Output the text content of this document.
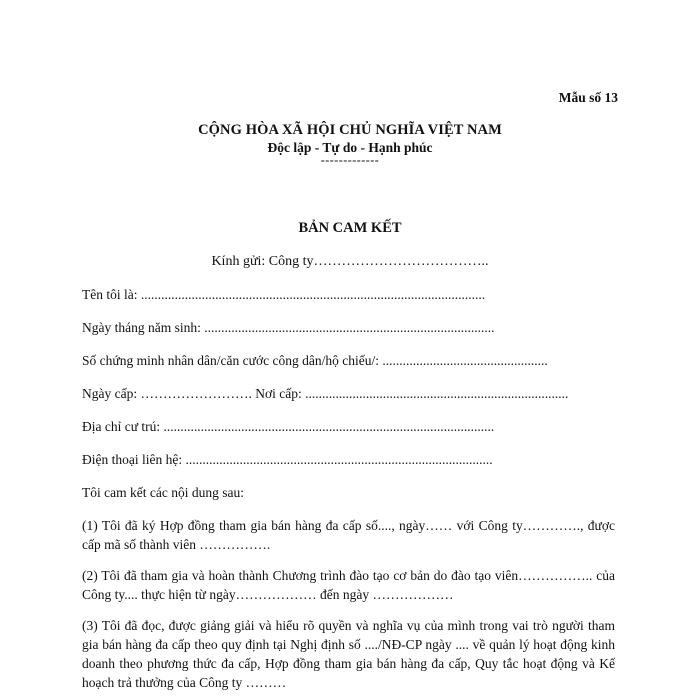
Mẫu số 13
CỘNG HÒA XÃ HỘI CHỦ NGHĨA VIỆT NAM
Độc lập - Tự do - Hạnh phúc
-------------
BẢN CAM KẾT
Kính gửi: Công ty………………………………..
Tên tôi là: ......................................................................................................
Ngày tháng năm sinh: ......................................................................................
Số chứng minh nhân dân/căn cước công dân/hộ chiếu/: .................................................
Ngày cấp: ……………………. Nơi cấp: ..............................................................................
Địa chỉ cư trú: ..................................................................................................
Điện thoại liên hệ: ...........................................................................................
Tôi cam kết các nội dung sau:
(1) Tôi đã ký Hợp đồng tham gia bán hàng đa cấp số...., ngày…… với Công ty…………., được cấp mã số thành viên …………….
(2) Tôi đã tham gia và hoàn thành Chương trình đào tạo cơ bản do đào tạo viên…………….. của Công ty.... thực hiện từ ngày……………… đến ngày ………………
(3) Tôi đã đọc, được giảng giải và hiểu rõ quyền và nghĩa vụ của mình trong vai trò người tham gia bán hàng đa cấp theo quy định tại Nghị định số ..../NĐ-CP ngày .... về quản lý hoạt động kinh doanh theo phương thức đa cấp, Hợp đồng tham gia bán hàng đa cấp, Quy tắc hoạt động và Kế hoạch trả thưởng của Công ty ………
